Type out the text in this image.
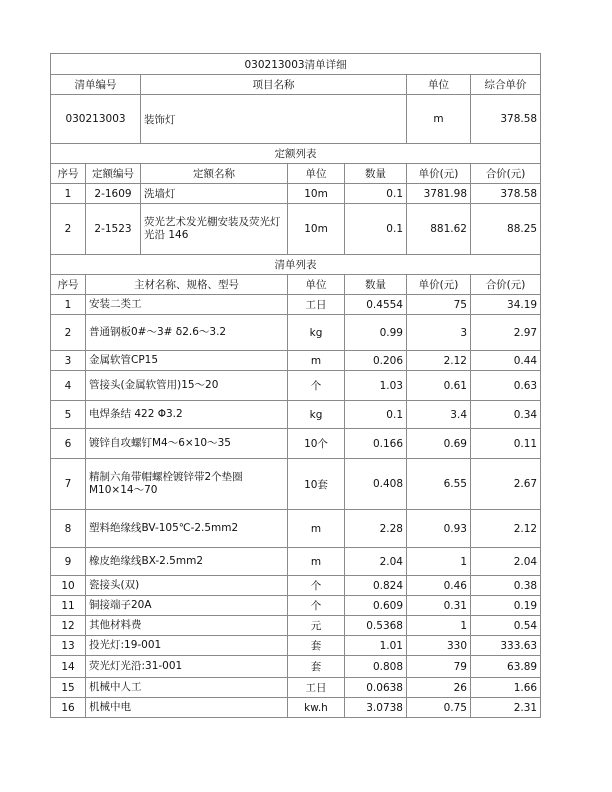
030213003清单详细						
清单编号		项目名称			单位	综合单价
030213003		装饰灯			m	378.58
定额列表						
序号	定额编号	定额名称	单位	数量	单价(元)	合价(元)
1	2-1609	洗墙灯	10m	0.1	3781.98	378.58
2	2-1523	荧光艺术发光棚安装及荧光灯光沿 146	10m	0.1	881.62	88.25
清单列表						
序号	主材名称、规格、型号		单位	数量	单价(元)	合价(元)
1	安装二类工		工日	0.4554	75	34.19
2	普通钢板0#～3# δ2.6～3.2		kg	0.99	3	2.97
3	金属软管CP15		m	0.206	2.12	0.44
4	管接头(金属软管用)15～20		个	1.03	0.61	0.63
5	电焊条结 422 Φ3.2		kg	0.1	3.4	0.34
6	镀锌自攻螺钉M4～6×10～35		10个	0.166	0.69	0.11
7	精制六角带帽螺栓镀锌带2个垫圈M10×14～70		10套	0.408	6.55	2.67
8	塑料绝缘线BV-105℃-2.5mm2		m	2.28	0.93	2.12
9	橡皮绝缘线BX-2.5mm2		m	2.04	1	2.04
10	瓷接头(双)		个	0.824	0.46	0.38
11	铜接端子20A		个	0.609	0.31	0.19
12	其他材料费		元	0.5368	1	0.54
13	投光灯:19-001		套	1.01	330	333.63
14	荧光灯光沿:31-001		套	0.808	79	63.89
15	机械中人工		工日	0.0638	26	1.66
16	机械中电		kw.h	3.0738	0.75	2.31
